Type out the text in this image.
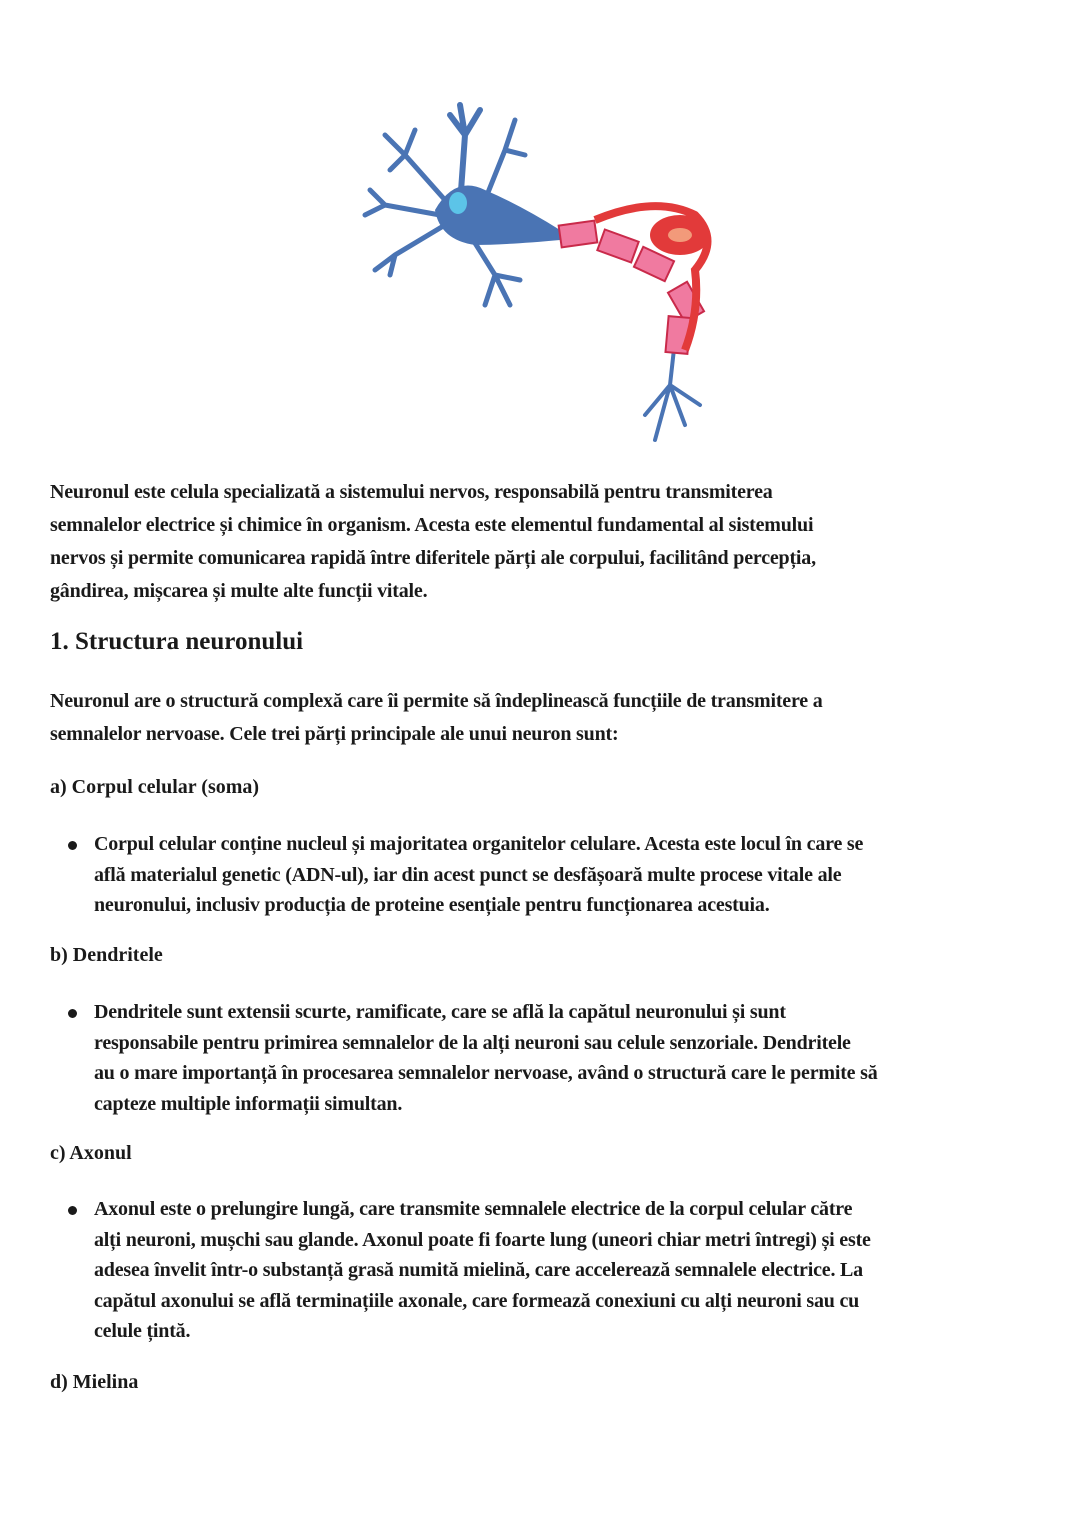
Neuronul este celula specializată a sistemului nervos, responsabilă pentru transmiterea
semnalelor electrice și chimice în organism. Acesta este elementul fundamental al sistemului
nervos și permite comunicarea rapidă între diferitele părți ale corpului, facilitând percepția,
gândirea, mișcarea și multe alte funcții vitale.
1. Structura neuronului
Neuronul are o structură complexă care îi permite să îndeplinească funcțiile de transmitere a
semnalelor nervoase. Cele trei părți principale ale unui neuron sunt:
a) Corpul celular (soma)
Corpul celular conține nucleul și majoritatea organitelor celulare. Acesta este locul în care se
află materialul genetic (ADN-ul), iar din acest punct se desfășoară multe procese vitale ale
neuronului, inclusiv producția de proteine esențiale pentru funcționarea acestuia.
b) Dendritele
Dendritele sunt extensii scurte, ramificate, care se află la capătul neuronului și sunt
responsabile pentru primirea semnalelor de la alți neuroni sau celule senzoriale. Dendritele
au o mare importanță în procesarea semnalelor nervoase, având o structură care le permite să
capteze multiple informații simultan.
c) Axonul
Axonul este o prelungire lungă, care transmite semnalele electrice de la corpul celular către
alți neuroni, mușchi sau glande. Axonul poate fi foarte lung (uneori chiar metri întregi) și este
adesea învelit într-o substanță grasă numită mielină, care accelerează semnalele electrice. La
capătul axonului se află terminațiile axonale, care formează conexiuni cu alți neuroni sau cu
celule țintă.
d) Mielina
